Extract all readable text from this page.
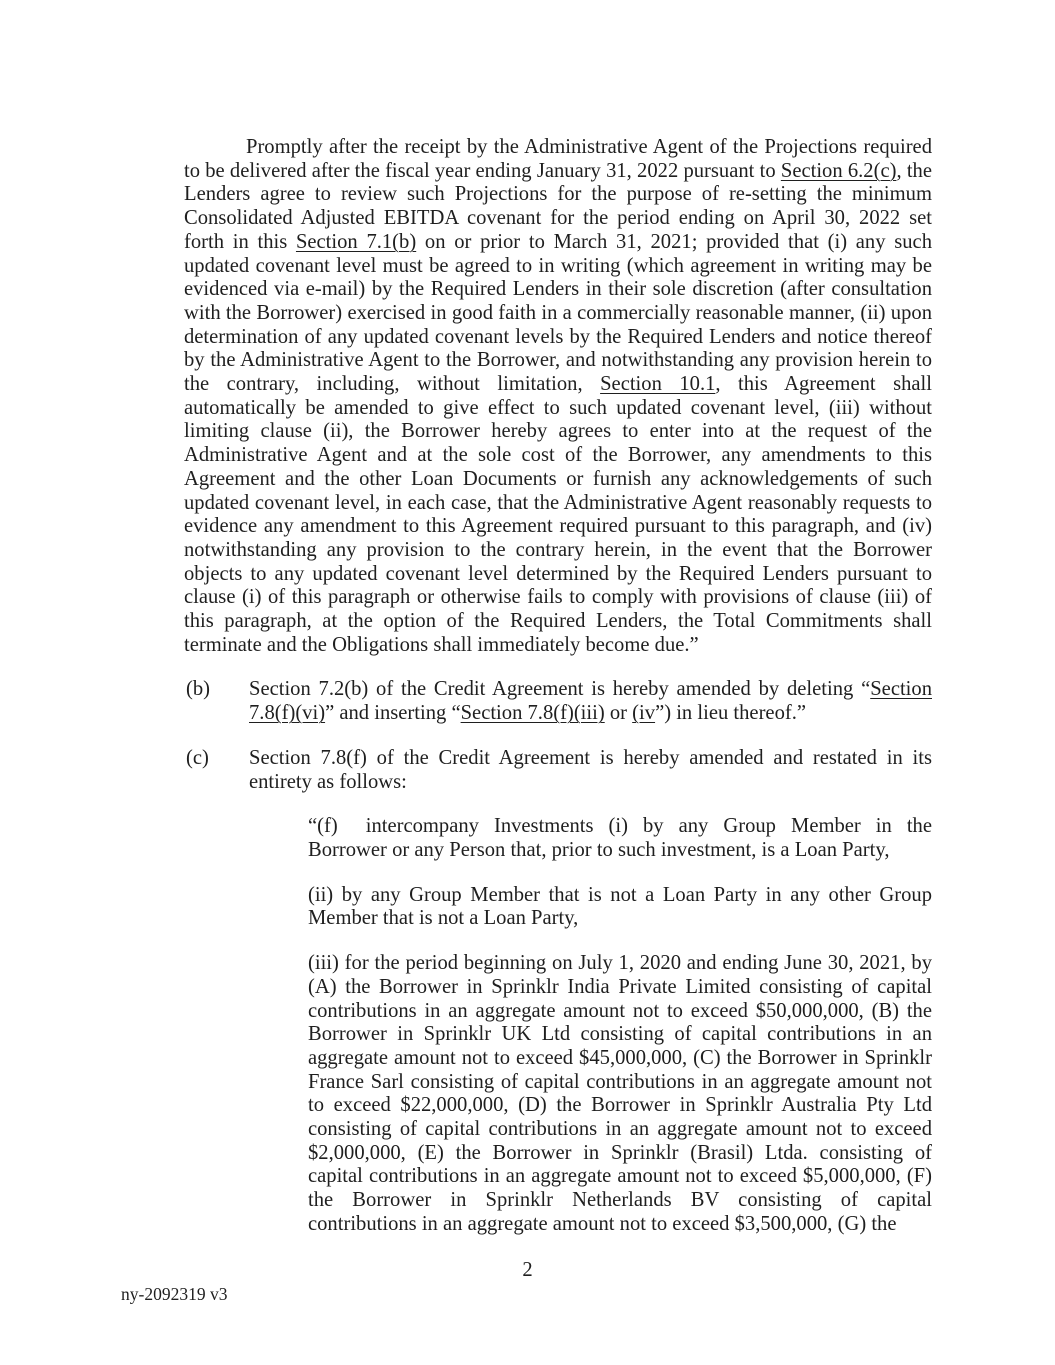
Promptly after the receipt by the Administrative Agent of the Projections required to be delivered after the fiscal year ending January 31, 2022 pursuant to Section 6.2(c), the Lenders agree to review such Projections for the purpose of re-setting the minimum Consolidated Adjusted EBITDA covenant for the period ending on April 30, 2022 set forth in this Section 7.1(b) on or prior to March 31, 2021; provided that (i) any such updated covenant level must be agreed to in writing (which agreement in writing may be evidenced via e-mail) by the Required Lenders in their sole discretion (after consultation with the Borrower) exercised in good faith in a commercially reasonable manner, (ii) upon determination of any updated covenant levels by the Required Lenders and notice thereof by the Administrative Agent to the Borrower, and notwithstanding any provision herein to the contrary, including, without limitation, Section 10.1, this Agreement shall automatically be amended to give effect to such updated covenant level, (iii) without limiting clause (ii), the Borrower hereby agrees to enter into at the request of the Administrative Agent and at the sole cost of the Borrower, any amendments to this Agreement and the other Loan Documents or furnish any acknowledgements of such updated covenant level, in each case, that the Administrative Agent reasonably requests to evidence any amendment to this Agreement required pursuant to this paragraph, and (iv) notwithstanding any provision to the contrary herein, in the event that the Borrower objects to any updated covenant level determined by the Required Lenders pursuant to clause (i) of this paragraph or otherwise fails to comply with provisions of clause (iii) of this paragraph, at the option of the Required Lenders, the Total Commitments shall terminate and the Obligations shall immediately become due.”
(b) Section 7.2(b) of the Credit Agreement is hereby amended by deleting “Section 7.8(f)(vi)” and inserting “Section 7.8(f)(iii) or (iv”) in lieu thereof.”
(c) Section 7.8(f) of the Credit Agreement is hereby amended and restated in its entirety as follows:
“(f) intercompany Investments (i) by any Group Member in the Borrower or any Person that, prior to such investment, is a Loan Party,
(ii) by any Group Member that is not a Loan Party in any other Group Member that is not a Loan Party,
(iii) for the period beginning on July 1, 2020 and ending June 30, 2021, by (A) the Borrower in Sprinklr India Private Limited consisting of capital contributions in an aggregate amount not to exceed $50,000,000, (B) the Borrower in Sprinklr UK Ltd consisting of capital contributions in an aggregate amount not to exceed $45,000,000, (C) the Borrower in Sprinklr France Sarl consisting of capital contributions in an aggregate amount not to exceed $22,000,000, (D) the Borrower in Sprinklr Australia Pty Ltd consisting of capital contributions in an aggregate amount not to exceed $2,000,000, (E) the Borrower in Sprinklr (Brasil) Ltda. consisting of capital contributions in an aggregate amount not to exceed $5,000,000, (F) the Borrower in Sprinklr Netherlands BV consisting of capital contributions in an aggregate amount not to exceed $3,500,000, (G) the
2
ny-2092319 v3
